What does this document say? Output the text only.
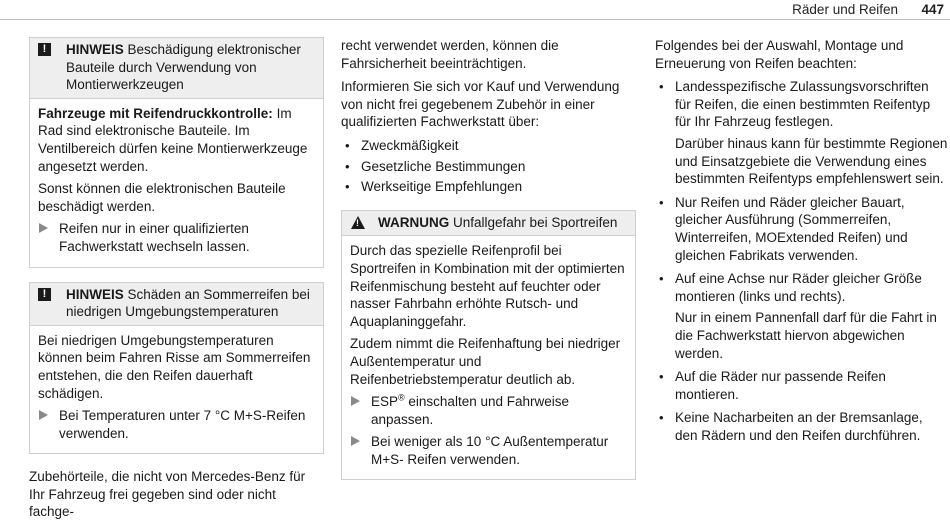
Räder und Reifen 447
!	HINWEIS Beschädigung elektronischer Bauteile durch Verwendung von Montierwerkzeugen

Fahrzeuge mit Reifendruckkontrolle: Im Rad sind elektronische Bauteile. Im Ventilbereich dürfen keine Montierwerkzeuge angesetzt werden.

Sonst können die elektronischen Bauteile beschädigt werden.

Reifen nur in einer qualifizierten Fachwerkstatt wechseln lassen.
!	HINWEIS Schäden an Sommerreifen bei niedrigen Umgebungstemperaturen

Bei niedrigen Umgebungstemperaturen können beim Fahren Risse am Sommerreifen entstehen, die den Reifen dauerhaft schädigen.

Bei Temperaturen unter 7 °C M+S-Reifen verwenden.

Zubehörteile, die nicht von Mercedes-Benz für Ihr Fahrzeug frei gegeben sind oder nicht fachge-

recht verwendet werden, können die Fahrsicherheit beeinträchtigen.

Informieren Sie sich vor Kauf und Verwendung von nicht frei gegebenem Zubehör in einer qualifizierten Fachwerkstatt über:

• Zweckmäßigkeit
• Gesetzliche Bestimmungen
• Werkseitige Empfehlungen
! WARNUNG Unfallgefahr bei Sportreifen

Durch das spezielle Reifenprofil bei Sportreifen in Kombination mit der optimierten Reifenmischung besteht auf feuchter oder nasser Fahrbahn erhöhte Rutsch- und Aquaplaninggefahr.

Zudem nimmt die Reifenhaftung bei niedriger Außentemperatur und Reifenbetriebstemperatur deutlich ab.

ESP® einschalten und Fahrweise anpassen.
Bei weniger als 10 °C Außentemperatur M+S- Reifen verwenden.

Folgendes bei der Auswahl, Montage und Erneuerung von Reifen beachten:

• Landesspezifische Zulassungsvorschriften für Reifen, die einen bestimmten Reifentyp für Ihr Fahrzeug festlegen.
Darüber hinaus kann für bestimmte Regionen und Einsatzgebiete die Verwendung eines bestimmten Reifentyps empfehlenswert sein.
• Nur Reifen und Räder gleicher Bauart, gleicher Ausführung (Sommerreifen, Winterreifen, MOExtended Reifen) und gleichen Fabrikats verwenden.
• Auf eine Achse nur Räder gleicher Größe montieren (links und rechts).
Nur in einem Pannenfall darf für die Fahrt in die Fachwerkstatt hiervon abgewichen werden.
• Auf die Räder nur passende Reifen montieren.
• Keine Nacharbeiten an der Bremsanlage, den Rädern und den Reifen durchführen.
